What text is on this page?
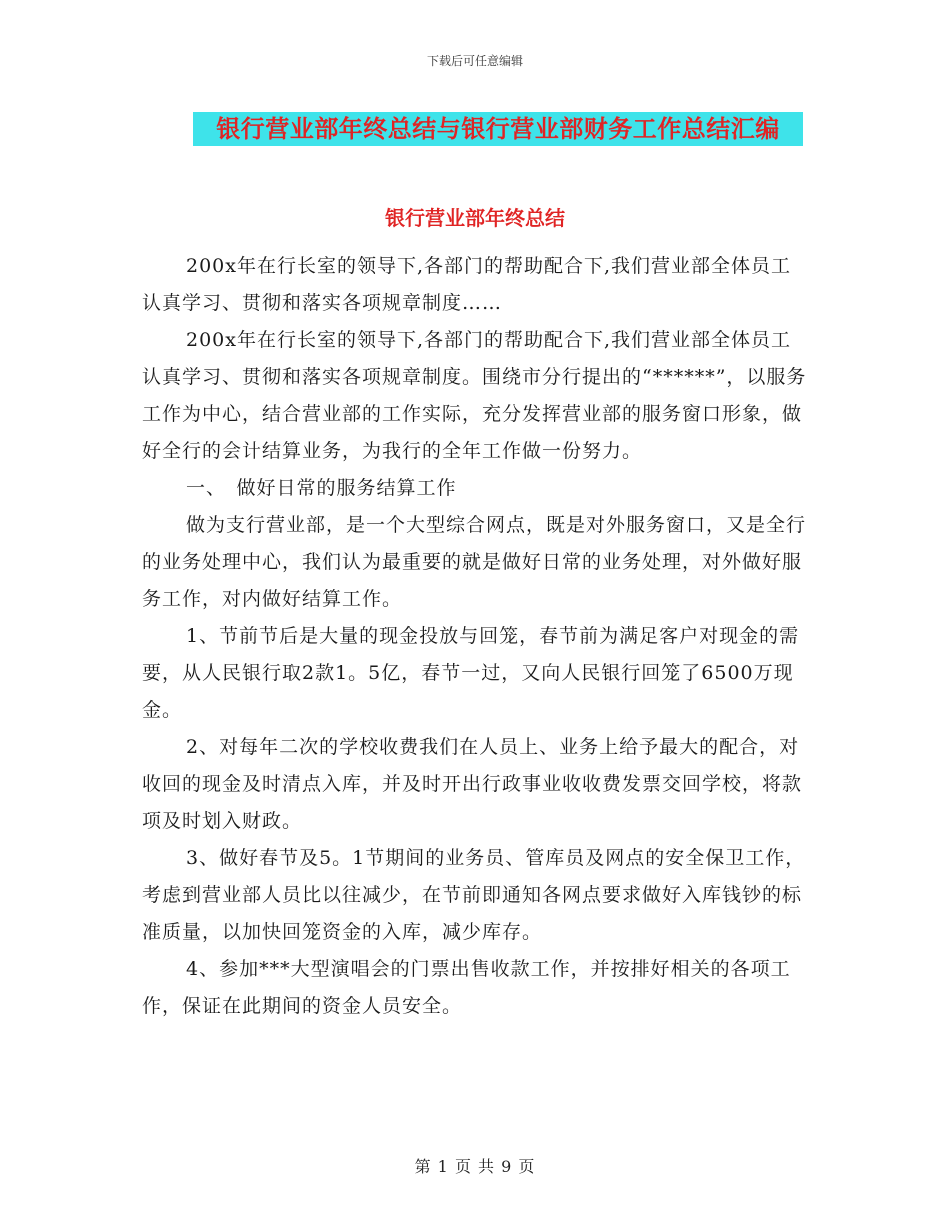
下载后可任意编辑
银行营业部年终总结与银行营业部财务工作总结汇编
银行营业部年终总结

200x年在行长室的领导下,各部门的帮助配合下,我们营业部全体员工认真学习、贯彻和落实各项规章制度……

200x年在行长室的领导下,各部门的帮助配合下,我们营业部全体员工认真学习、贯彻和落实各项规章制度。围绕市分行提出的“******”，以服务工作为中心，结合营业部的工作实际，充分发挥营业部的服务窗口形象，做好全行的会计结算业务，为我行的全年工作做一份努力。

一、　做好日常的服务结算工作

做为支行营业部，是一个大型综合网点，既是对外服务窗口，又是全行的业务处理中心，我们认为最重要的就是做好日常的业务处理，对外做好服务工作，对内做好结算工作。

1、节前节后是大量的现金投放与回笼，春节前为满足客户对现金的需要，从人民银行取2款1。5亿，春节一过，又向人民银行回笼了6500万现金。

2、对每年二次的学校收费我们在人员上、业务上给予最大的配合，对收回的现金及时清点入库，并及时开出行政事业收收费发票交回学校，将款项及时划入财政。

3、做好春节及5。1节期间的业务员、管库员及网点的安全保卫工作，考虑到营业部人员比以往减少，在节前即通知各网点要求做好入库钱钞的标准质量，以加快回笼资金的入库，减少库存。

4、参加***大型演唱会的门票出售收款工作，并按排好相关的各项工作，保证在此期间的资金人员安全。

第 1 页 共 9 页
